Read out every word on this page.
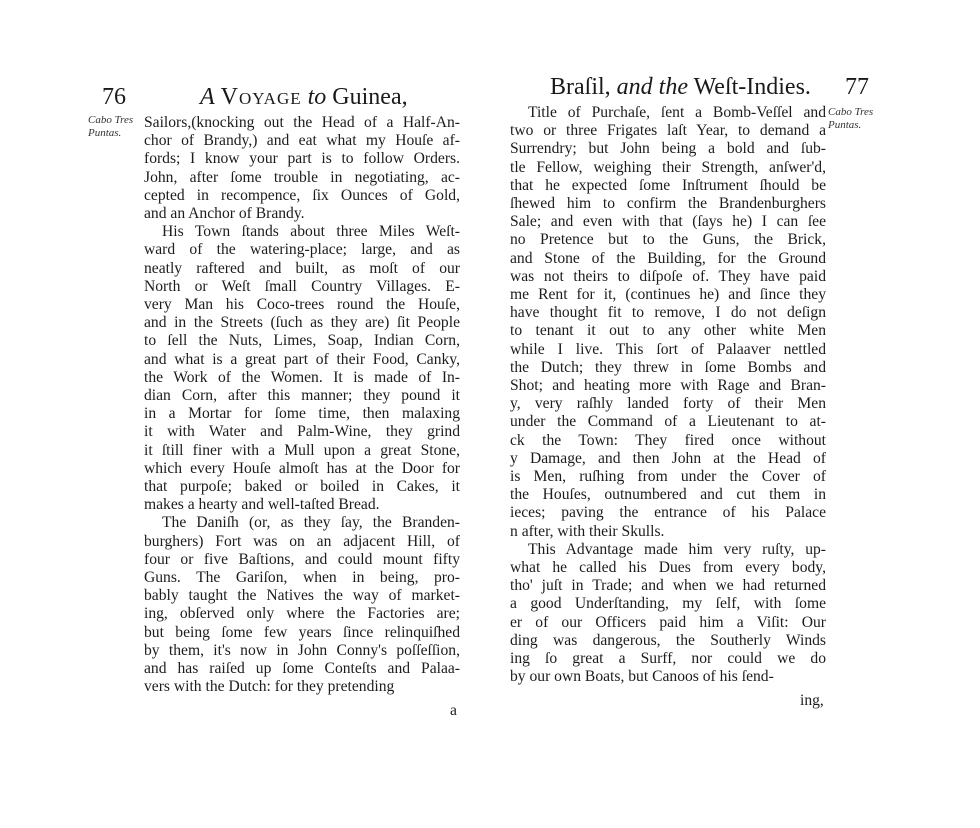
76	A Voyage to Guinea,
Cabo Tres
Puntas.
Sailors,(knocking out the Head of a Half-An-
chor of Brandy,) and eat what my Houſe af-
fords; I know your part is to follow Orders.
John, after ſome trouble in negotiating, ac-
cepted in recompence, ſix Ounces of Gold,
and an Anchor of Brandy.
His Town ſtands about three Miles Weſt-
ward of the watering-place; large, and as
neatly raftered and built, as moſt of our
North or Weſt ſmall Country Villages. E-
very Man his Coco-trees round the Houſe,
and in the Streets (ſuch as they are) ſit People
to ſell the Nuts, Limes, Soap, Indian Corn,
and what is a great part of their Food, Canky,
the Work of the Women. It is made of In-
dian Corn, after this manner; they pound it
in a Mortar for ſome time, then malaxing
it with Water and Palm-Wine, they grind
it ſtill finer with a Mull upon a great Stone,
which every Houſe almoſt has at the Door for
that purpoſe; baked or boiled in Cakes, it
makes a hearty and well-taſted Bread.
The Daniſh (or, as they ſay, the Branden-
burghers) Fort was on an adjacent Hill, of
four or five Baſtions, and could mount fifty
Guns. The Gariſon, when in being, pro-
bably taught the Natives the way of market-
ing, obſerved only where the Factories are;
but being ſome few years ſince relinquiſhed
by them, it's now in John Conny's poſſeſſion,
and has raiſed up ſome Conteſts and Palaa-
vers with the Dutch: for they pretending
a
Braſil, and the Weſt-Indies. 77
Cabo Tres
Puntas.
Title of Purchaſe, ſent a Bomb-Veſſel and
two or three Frigates laſt Year, to demand a
Surrendry; but John being a bold and ſub-
tle Fellow, weighing their Strength, anſwer'd,
that he expected ſome Inſtrument ſhould be
ſhewed him to confirm the Brandenburghers
Sale; and even with that (ſays he) I can ſee
no Pretence but to the Guns, the Brick,
and Stone of the Building, for the Ground
was not theirs to diſpoſe of. They have paid
me Rent for it, (continues he) and ſince they
have thought fit to remove, I do not deſign
to tenant it out to any other white Men
while I live. This ſort of Palaaver nettled
the Dutch; they threw in ſome Bombs and
Shot; and heating more with Rage and Bran-
y, very raſhly landed forty of their Men
under the Command of a Lieutenant to at-
ck the Town: They fired once without
y Damage, and then John at the Head of
is Men, ruſhing from under the Cover of
the Houſes, outnumbered and cut them in
ieces; paving the entrance of his Palace
n after, with their Skulls.
This Advantage made him very ruſty, up-
what he called his Dues from every body,
tho' juſt in Trade; and when we had returned
a good Underſtanding, my ſelf, with ſome
er of our Officers paid him a Viſit: Our
ding was dangerous, the Southerly Winds
ing ſo great a Surff, nor could we do
by our own Boats, but Canoos of his ſend-
ing,
